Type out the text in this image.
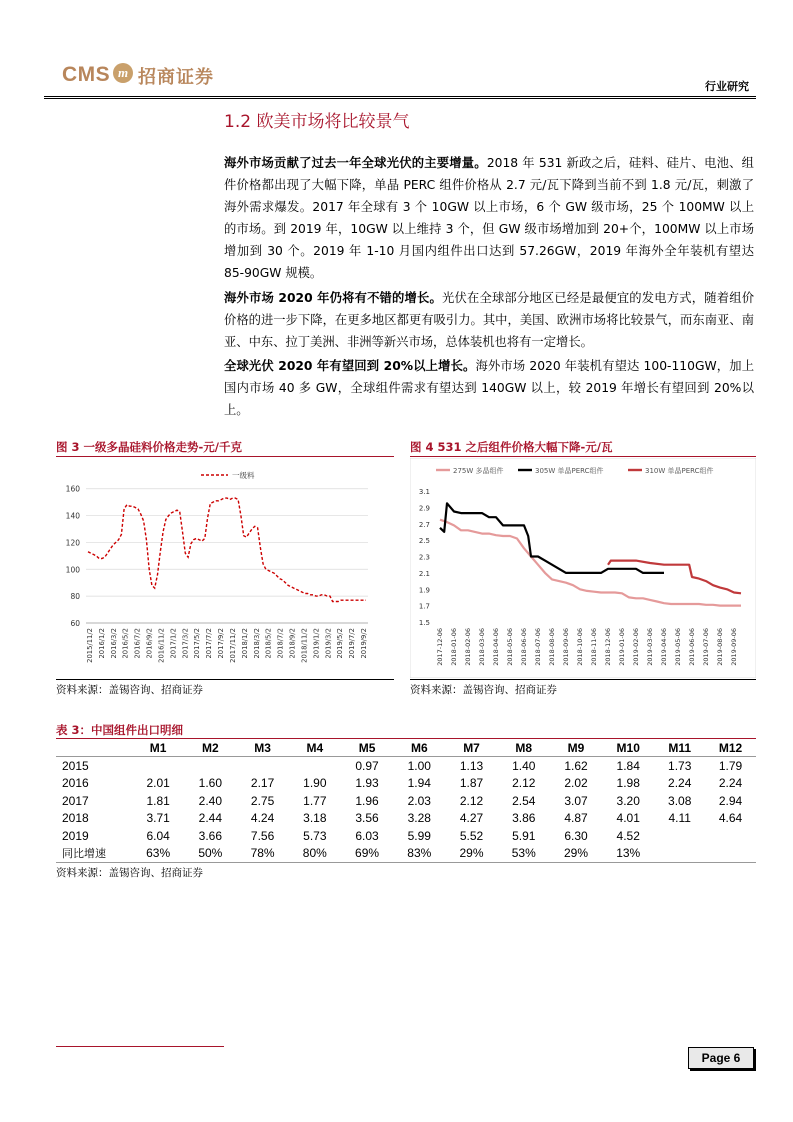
CMS m 招商证券	行业研究
1.2 欧美市场将比较景气
海外市场贡献了过去一年全球光伏的主要增量。2018 年 531 新政之后，硅料、硅片、电池、组件价格都出现了大幅下降，单晶 PERC 组件价格从 2.7 元/瓦下降到当前不到 1.8 元/瓦，刺激了海外需求爆发。2017 年全球有 3 个 10GW 以上市场，6 个 GW 级市场，25 个 100MW 以上的市场。到 2019 年，10GW 以上维持 3 个，但 GW 级市场增加到 20+个，100MW 以上市场增加到 30 个。2019 年 1-10 月国内组件出口达到 57.26GW，2019 年海外全年装机有望达 85-90GW 规模。
海外市场 2020 年仍将有不错的增长。光伏在全球部分地区已经是最便宜的发电方式，随着组价价格的进一步下降，在更多地区都更有吸引力。其中，美国、欧洲市场将比较景气，而东南亚、南亚、中东、拉丁美洲、非洲等新兴市场，总体装机也将有一定增长。
全球光伏 2020 年有望回到 20%以上增长。海外市场 2020 年装机有望达 100-110GW，加上国内市场 40 多 GW，全球组件需求有望达到 140GW 以上，较 2019 年增长有望回到 20%以上。
图 3 一级多晶硅料价格走势-元/千克
60
80
100
120
140
160
2015/11/2 2016/1/2 2016/3/2 2016/5/2 2016/7/2 2016/9/2 2016/11/2 2017/1/2 2017/3/2 2017/5/2 2017/7/2 2017/9/2 2017/11/2 2018/1/2 2018/3/2 2018/5/2 2018/7/2 2018/9/2 2018/11/2 2019/1/2 2019/3/2 2019/5/2 2019/7/2 2019/9/2
一级料
资料来源：盖锡咨询、招商证券
图 4 531 之后组件价格大幅下降-元/瓦
275W 多晶组件	305W 单晶PERC组件	310W 单晶PERC组件
1.5
1.7
1.9
2.1
2.3
2.5
2.7
2.9
3.1
2017-12-06 2018-01-06 2018-02-06 2018-03-06 2018-04-06 2018-05-06 2018-06-06 2018-07-06 2018-08-06 2018-09-06 2018-10-06 2018-11-06 2018-12-06 2019-01-06 2019-02-06 2019-03-06 2019-04-06 2019-05-06 2019-06-06 2019-07-06 2019-08-06 2019-09-06
资料来源：盖锡咨询、招商证券
表 3：中国组件出口明细
	M1	M2	M3	M4	M5	M6	M7	M8	M9	M10	M11	M12
2015					0.97	1.00	1.13	1.40	1.62	1.84	1.73	1.79
2016	2.01	1.60	2.17	1.90	1.93	1.94	1.87	2.12	2.02	1.98	2.24	2.24
2017	1.81	2.40	2.75	1.77	1.96	2.03	2.12	2.54	3.07	3.20	3.08	2.94
2018	3.71	2.44	4.24	3.18	3.56	3.28	4.27	3.86	4.87	4.01	4.11	4.64
2019	6.04	3.66	7.56	5.73	6.03	5.99	5.52	5.91	6.30	4.52		
同比增速	63%	50%	78%	80%	69%	83%	29%	53%	29%	13%		
资料来源：盖锡咨询、招商证券
Page 6
